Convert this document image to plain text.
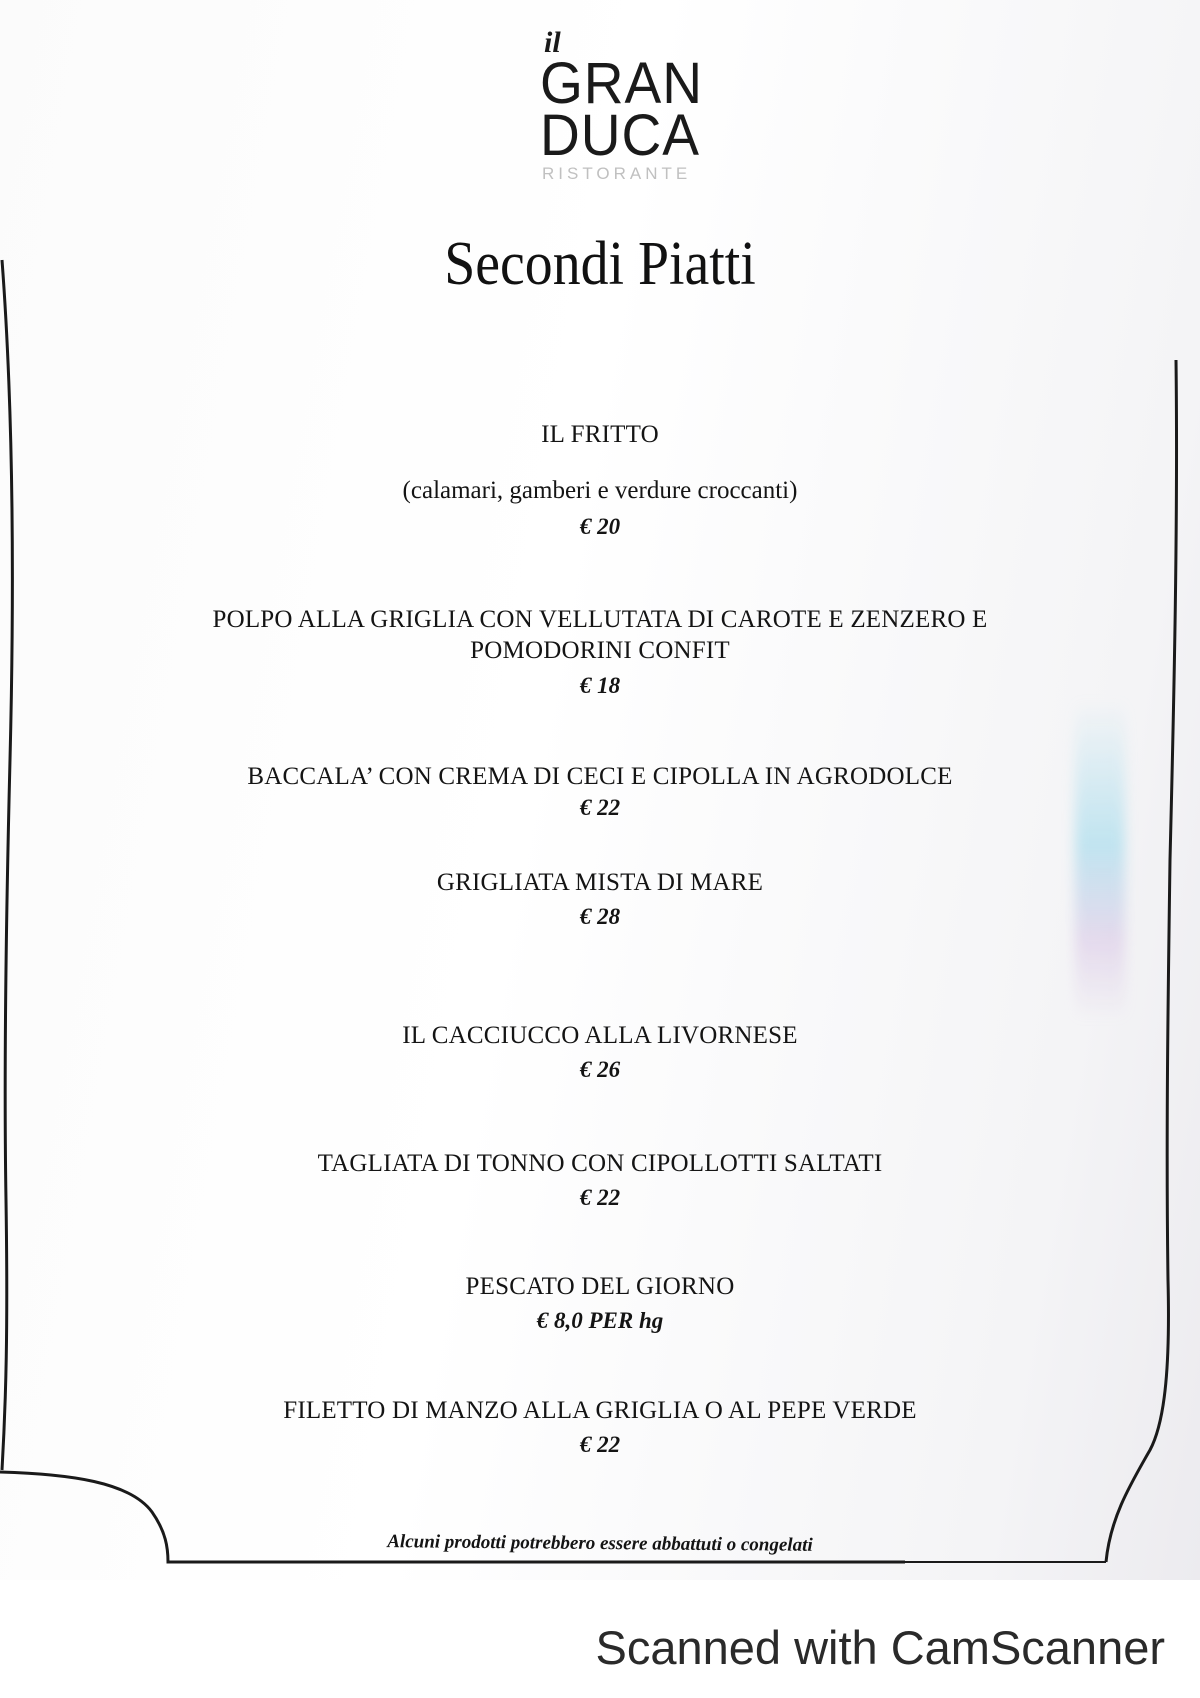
il
GRAN
DUCA
RISTORANTE
Secondi Piatti

IL FRITTO

(calamari, gamberi e verdure croccanti)

€ 20

POLPO ALLA GRIGLIA CON VELLUTATA DI CAROTE E ZENZERO E

POMODORINI CONFIT

€ 18

BACCALA’ CON CREMA DI CECI E CIPOLLA IN AGRODOLCE

€ 22

GRIGLIATA MISTA DI MARE

€ 28

IL CACCIUCCO ALLA LIVORNESE

€ 26

TAGLIATA DI TONNO CON CIPOLLOTTI SALTATI

€ 22

PESCATO DEL GIORNO

€ 8,0 PER hg

FILETTO DI MANZO ALLA GRIGLIA O AL PEPE VERDE

€ 22

Alcuni prodotti potrebbero essere abbattuti o congelati

Scanned with CamScanner
